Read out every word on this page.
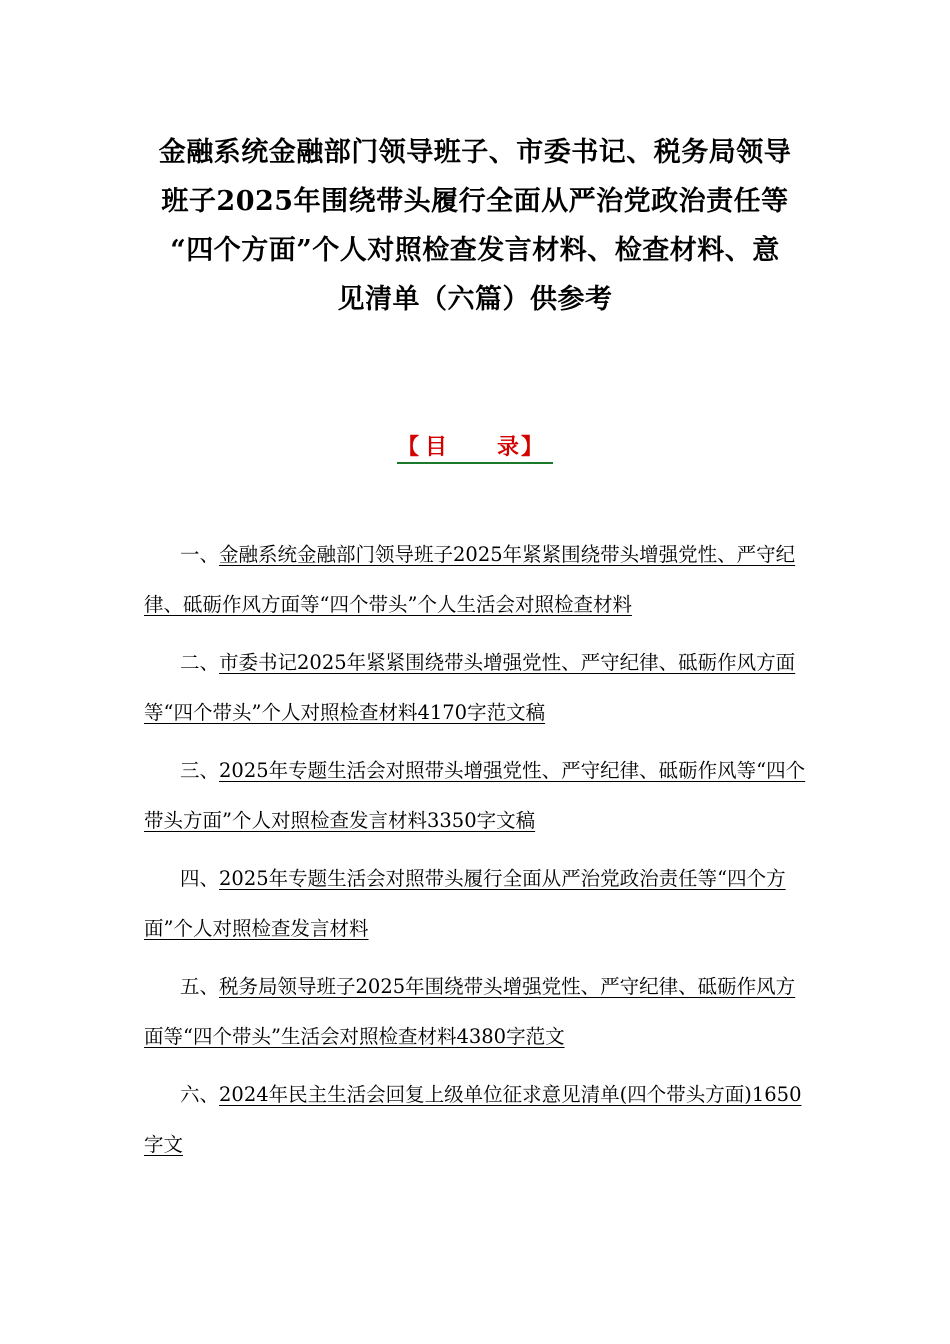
金融系统金融部门领导班子、市委书记、税务局领导
班子2025年围绕带头履行全面从严治党政治责任等
“四个方面”个人对照检查发言材料、检查材料、意
见清单（六篇）供参考
【 目 录 】
一、金融系统金融部门领导班子2025年紧紧围绕带头增强党性、严守纪律、砥砺作风方面等“四个带头”个人生活会对照检查材料
二、市委书记2025年紧紧围绕带头增强党性、严守纪律、砥砺作风方面等“四个带头”个人对照检查材料4170字范文稿
三、2025年专题生活会对照带头增强党性、严守纪律、砥砺作风等“四个带头方面”个人对照检查发言材料3350字文稿
四、2025年专题生活会对照带头履行全面从严治党政治责任等“四个方面”个人对照检查发言材料
五、税务局领导班子2025年围绕带头增强党性、严守纪律、砥砺作风方面等“四个带头”生活会对照检查材料4380字范文
六、2024年民主生活会回复上级单位征求意见清单(四个带头方面)1650字文
